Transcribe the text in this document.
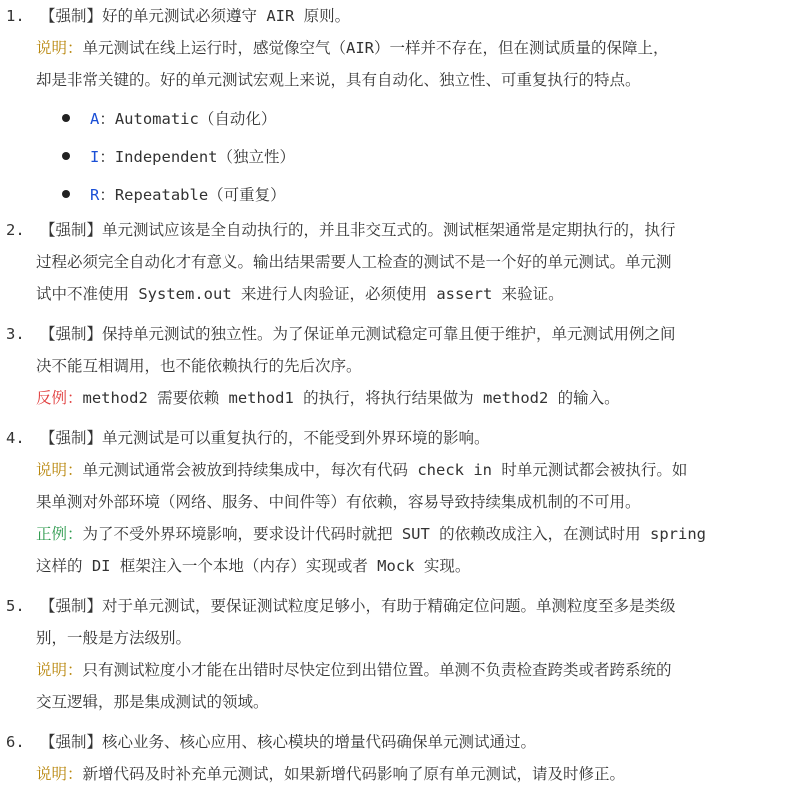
1. 【强制】好的单元测试必须遵守 AIR 原则。
说明：单元测试在线上运行时，感觉像空气（AIR）一样并不存在，但在测试质量的保障上，
却是非常关键的。好的单元测试宏观上来说，具有自动化、独立性、可重复执行的特点。
A：Automatic（自动化）
I：Independent（独立性）
R：Repeatable（可重复）
2. 【强制】单元测试应该是全自动执行的，并且非交互式的。测试框架通常是定期执行的，执行
过程必须完全自动化才有意义。输出结果需要人工检查的测试不是一个好的单元测试。单元测
试中不准使用 System.out 来进行人肉验证，必须使用 assert 来验证。
3. 【强制】保持单元测试的独立性。为了保证单元测试稳定可靠且便于维护，单元测试用例之间
决不能互相调用，也不能依赖执行的先后次序。
反例：method2 需要依赖 method1 的执行，将执行结果做为 method2 的输入。
4. 【强制】单元测试是可以重复执行的，不能受到外界环境的影响。
说明：单元测试通常会被放到持续集成中，每次有代码 check in 时单元测试都会被执行。如
果单测对外部环境（网络、服务、中间件等）有依赖，容易导致持续集成机制的不可用。
正例：为了不受外界环境影响，要求设计代码时就把 SUT 的依赖改成注入，在测试时用 spring
这样的 DI 框架注入一个本地（内存）实现或者 Mock 实现。
5. 【强制】对于单元测试，要保证测试粒度足够小，有助于精确定位问题。单测粒度至多是类级
别，一般是方法级别。
说明：只有测试粒度小才能在出错时尽快定位到出错位置。单测不负责检查跨类或者跨系统的
交互逻辑，那是集成测试的领域。
6. 【强制】核心业务、核心应用、核心模块的增量代码确保单元测试通过。
说明：新增代码及时补充单元测试，如果新增代码影响了原有单元测试，请及时修正。
